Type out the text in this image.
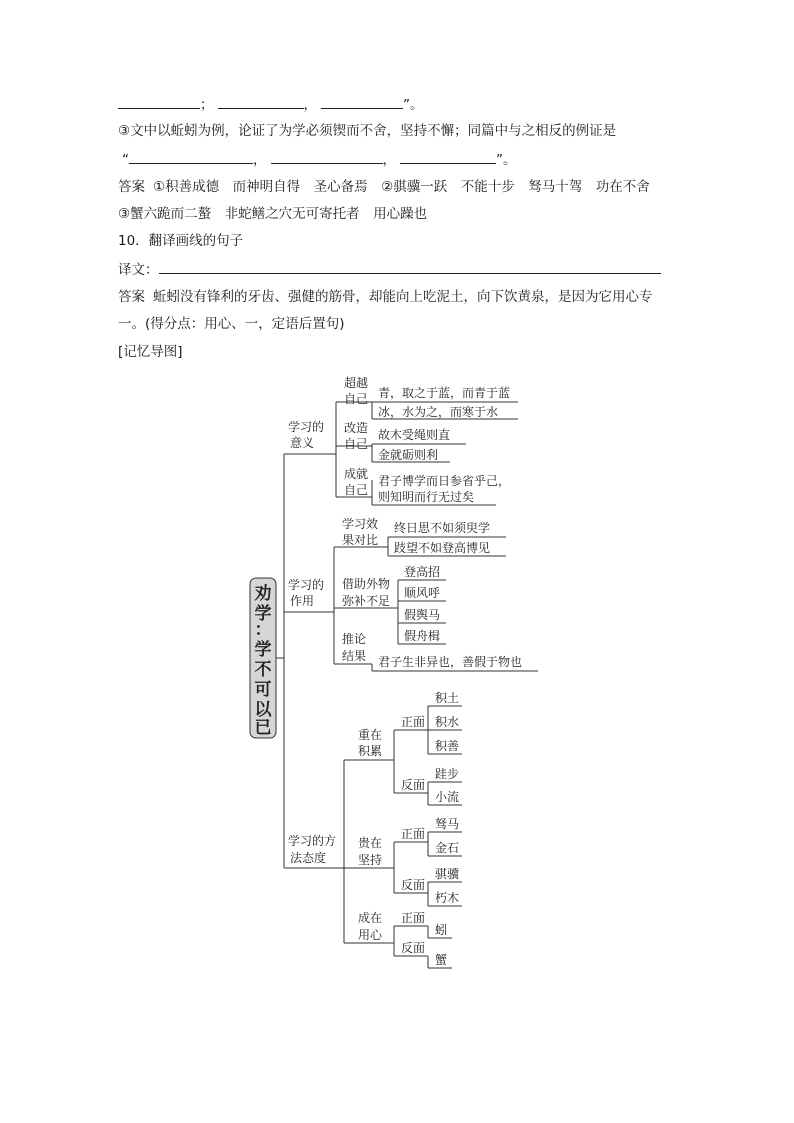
；	，	”。
③文中以蚯蚓为例，论证了为学必须锲而不舍，坚持不懈；同篇中与之相反的例证是
“	，	，	”。
答案 ①积善成德　而神明自得　圣心备焉　②骐骥一跃　不能十步　驽马十驾　功在不舍
③蟹六跪而二螯　非蛇鳝之穴无可寄托者　用心躁也
10．翻译画线的句子
译文：
答案 蚯蚓没有锋利的牙齿、强健的筋骨，却能向上吃泥土，向下饮黄泉，是因为它用心专
一。(得分点：用心、一，定语后置句)
[记忆导图]
劝
学
：
学
不
可
以
已
学习的
意义
超越
自己 青，取之于蓝，而青于蓝
冰，水为之，而寒于水
改造
自己
故木受绳则直
金就砺则利
成就
自己
君子博学而日参省乎己，
则知明而行无过矣
学习的
作用
学习效
果对比
终日思不如须臾学
跂望不如登高博见
借助外物
弥补不足
登高招
顺风呼
假舆马
假舟楫
推论
结果 君子生非异也，善假于物也
学习的方
法态度
重在
积累
正面
积土
积水
积善
反面
跬步
小流
贵在
坚持
正面
驽马
金石
反面
骐骥
朽木
成在
用心
正面
蚓
反面
蟹
